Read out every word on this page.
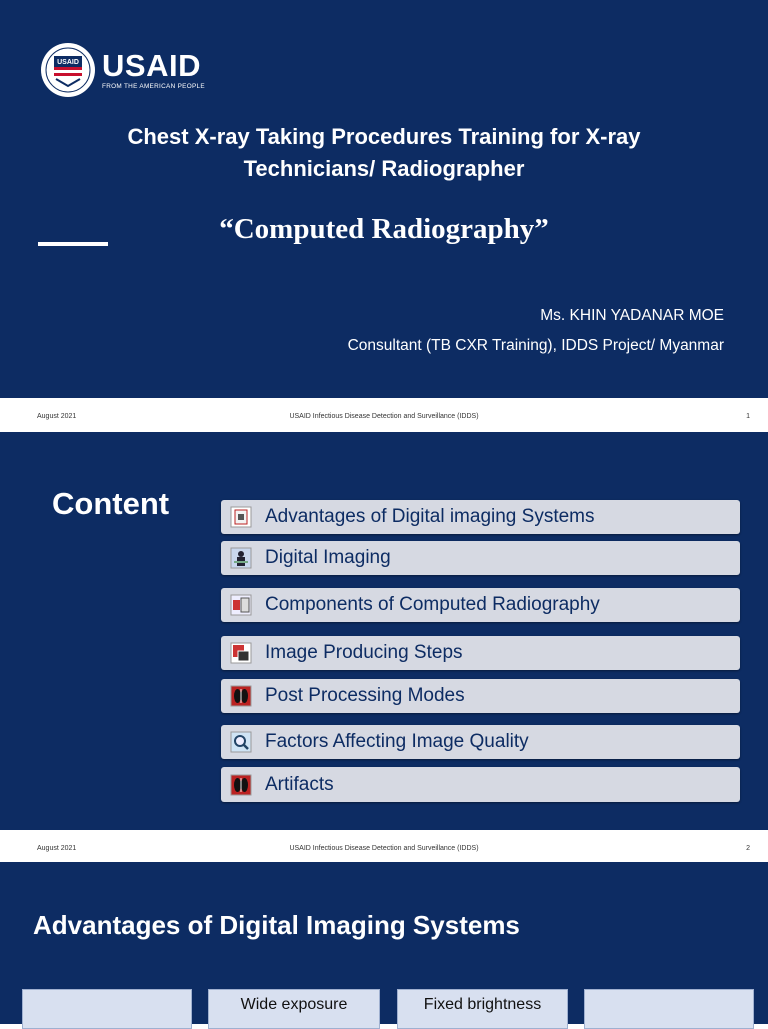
USAID USAID
FROM THE AMERICAN PEOPLE
Chest X-ray Taking Procedures Training for X-ray
Technicians/ Radiographer
“Computed Radiography”
Ms. KHIN YADANAR MOE
Consultant (TB CXR Training), IDDS Project/ Myanmar
August 2021	USAID Infectious Disease Detection and Surveillance (IDDS)	1
Content	Advantages of Digital imaging Systems
Digital Imaging
Components of Computed Radiography
Image Producing Steps
Post Processing Modes
Factors Affecting Image Quality
Artifacts
August 2021	USAID Infectious Disease Detection and Surveillance (IDDS)	2
Advantages of Digital Imaging Systems
Wide exposure	Fixed brightness
